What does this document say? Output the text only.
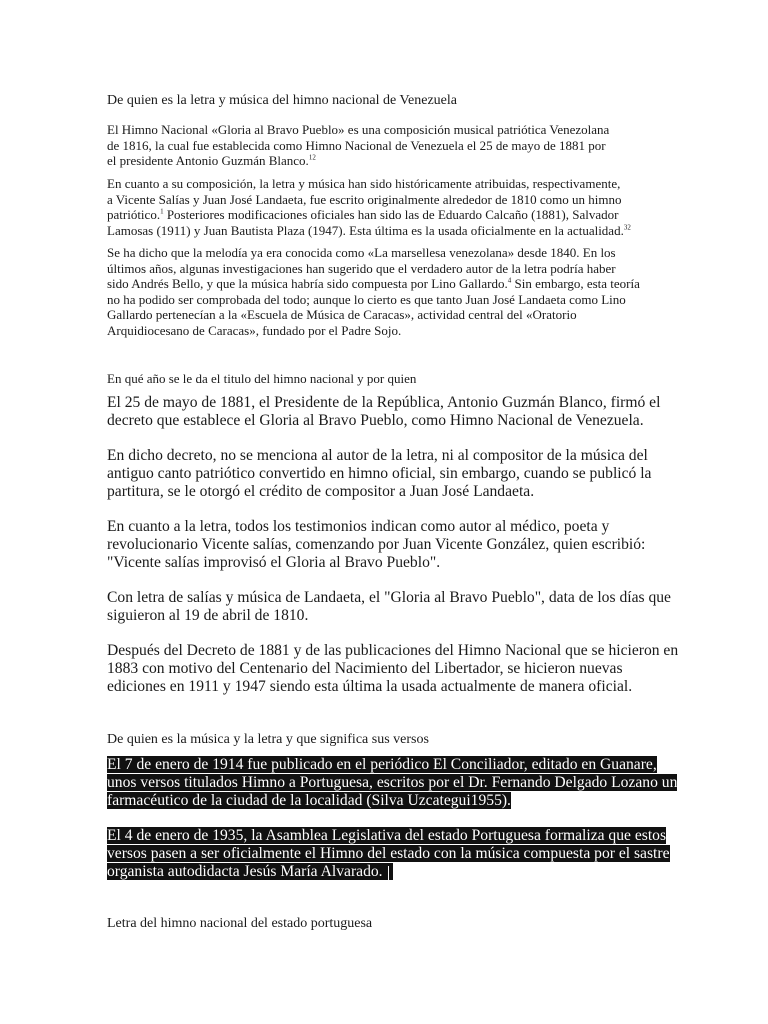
De quien es la letra y música del himno nacional de Venezuela

El Himno Nacional «Gloria al Bravo Pueblo» es una composición musical patriótica Venezolana
de 1816, la cual fue establecida como Himno Nacional de Venezuela el 25 de mayo de 1881 por
el presidente Antonio Guzmán Blanco.$^{12}$

En cuanto a su composición, la letra y música han sido históricamente atribuidas, respectivamente,
a Vicente Salías y Juan José Landaeta, fue escrito originalmente alrededor de 1810 como un himno
patriótico.$^1$ Posteriores modificaciones oficiales han sido las de Eduardo Calcaño (1881), Salvador
Lamosas (1911) y Juan Bautista Plaza (1947). Esta última es la usada oficialmente en la actualidad.$^{32}$

Se ha dicho que la melodía ya era conocida como «La marsellesa venezolana» desde 1840. En los
últimos años, algunas investigaciones han sugerido que el verdadero autor de la letra podría haber
sido Andrés Bello, y que la música habría sido compuesta por Lino Gallardo.$^4$ Sin embargo, esta teoría
no ha podido ser comprobada del todo; aunque lo cierto es que tanto Juan José Landaeta como Lino
Gallardo pertenecían a la «Escuela de Música de Caracas», actividad central del «Oratorio
Arquidiocesano de Caracas», fundado por el Padre Sojo.

En qué año se le da el titulo del himno nacional y por quien

El 25 de mayo de 1881, el Presidente de la República, Antonio Guzmán Blanco, firmó el
decreto que establece el Gloria al Bravo Pueblo, como Himno Nacional de Venezuela.

En dicho decreto, no se menciona al autor de la letra, ni al compositor de la música del
antiguo canto patriótico convertido en himno oficial, sin embargo, cuando se publicó la
partitura, se le otorgó el crédito de compositor a Juan José Landaeta.

En cuanto a la letra, todos los testimonios indican como autor al médico, poeta y
revolucionario Vicente salías, comenzando por Juan Vicente González, quien escribió:
"Vicente salías improvisó el Gloria al Bravo Pueblo".

Con letra de salías y música de Landaeta, el "Gloria al Bravo Pueblo", data de los días que
siguieron al 19 de abril de 1810.

Después del Decreto de 1881 y de las publicaciones del Himno Nacional que se hicieron en
1883 con motivo del Centenario del Nacimiento del Libertador, se hicieron nuevas
ediciones en 1911 y 1947 siendo esta última la usada actualmente de manera oficial.

De quien es la música y la letra y que significa sus versos

El 7 de enero de 1914 fue publicado en el periódico El Conciliador, editado en Guanare,
unos versos titulados Himno a Portuguesa, escritos por el Dr. Fernando Delgado Lozano un
farmacéutico de la ciudad de la localidad (Silva Uzcategui1955).

El 4 de enero de 1935, la Asamblea Legislativa del estado Portuguesa formaliza que estos
versos pasen a ser oficialmente el Himno del estado con la música compuesta por el sastre
organista autodidacta Jesús María Alvarado.

Letra del himno nacional del estado portuguesa
